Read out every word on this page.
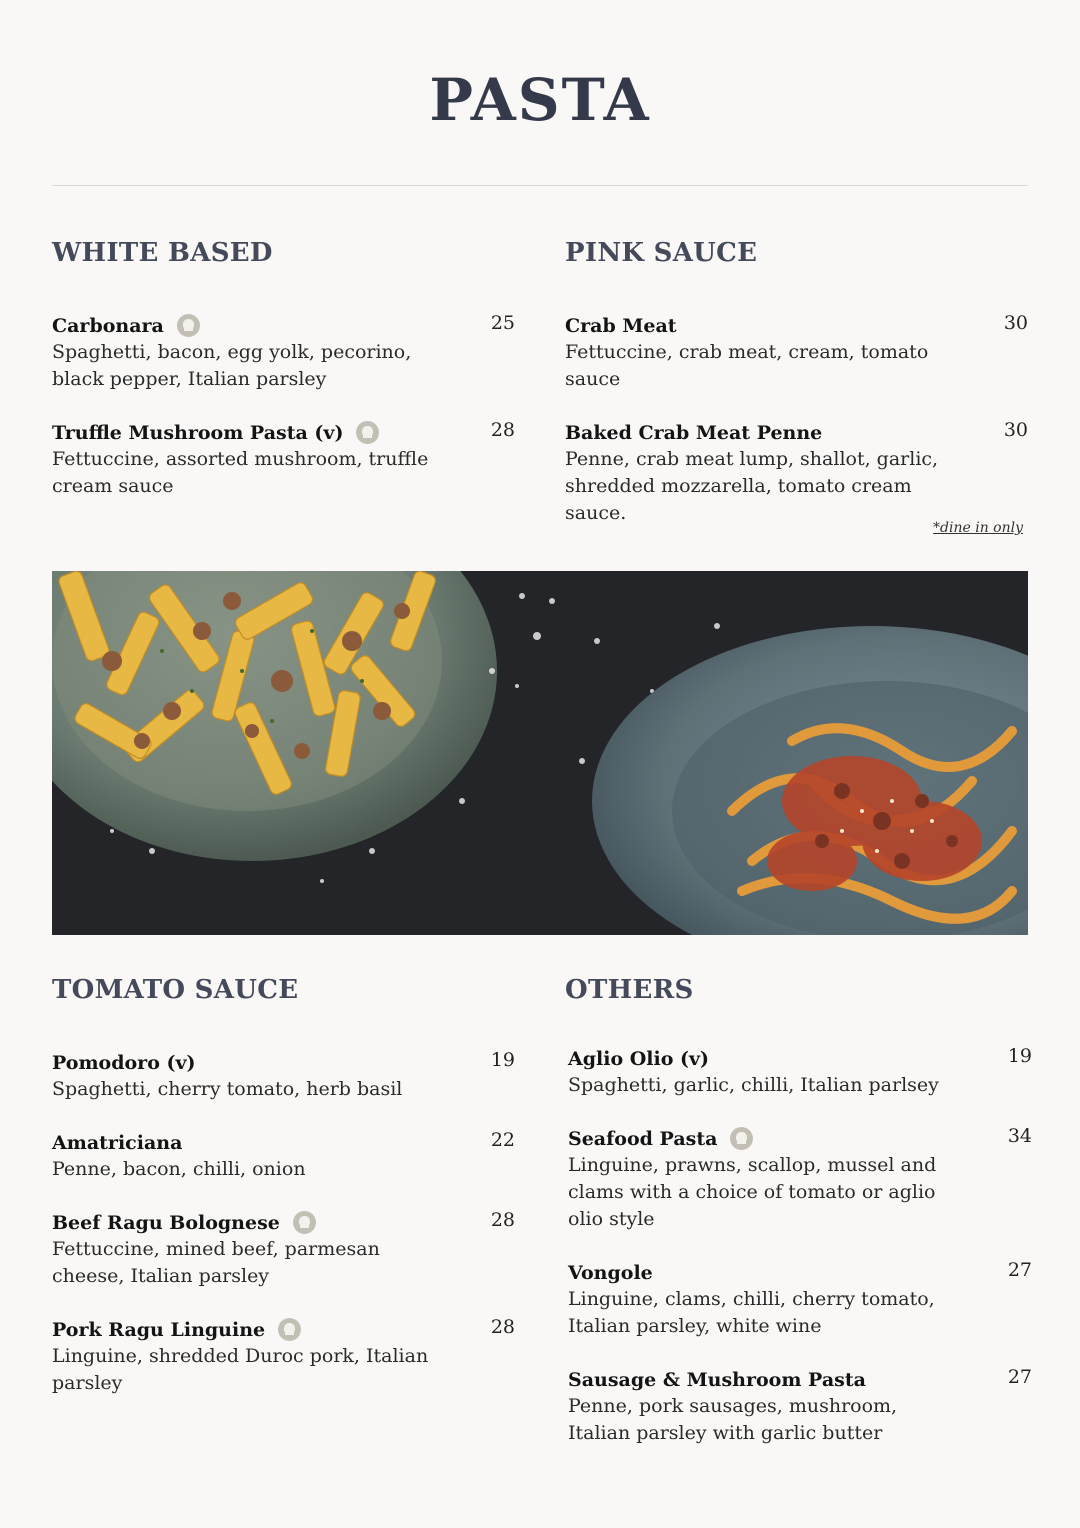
PASTA
WHITE BASED
Carbonara	25
Spaghetti, bacon, egg yolk, pecorino, black pepper, Italian parsley
Truffle Mushroom Pasta (v)	28
Fettuccine, assorted mushroom, truffle cream sauce
PINK SAUCE
Crab Meat	30
Fettuccine, crab meat, cream, tomato sauce
Baked Crab Meat Penne	30
Penne, crab meat lump, shallot, garlic, shredded mozzarella, tomato cream sauce.
*dine in only
TOMATO SAUCE
Pomodoro (v)	19
Spaghetti, cherry tomato, herb basil
Amatriciana	22
Penne, bacon, chilli, onion
Beef Ragu Bolognese	28
Fettuccine, mined beef, parmesan cheese, Italian parsley
Pork Ragu Linguine	28
Linguine, shredded Duroc pork, Italian parsley
OTHERS
Aglio Olio (v)	19
Spaghetti, garlic, chilli, Italian parlsey
Seafood Pasta	34
Linguine, prawns, scallop, mussel and clams with a choice of tomato or aglio olio style
Vongole	27
Linguine, clams, chilli, cherry tomato, Italian parsley, white wine
Sausage & Mushroom Pasta	27
Penne, pork sausages, mushroom, Italian parsley with garlic butter
